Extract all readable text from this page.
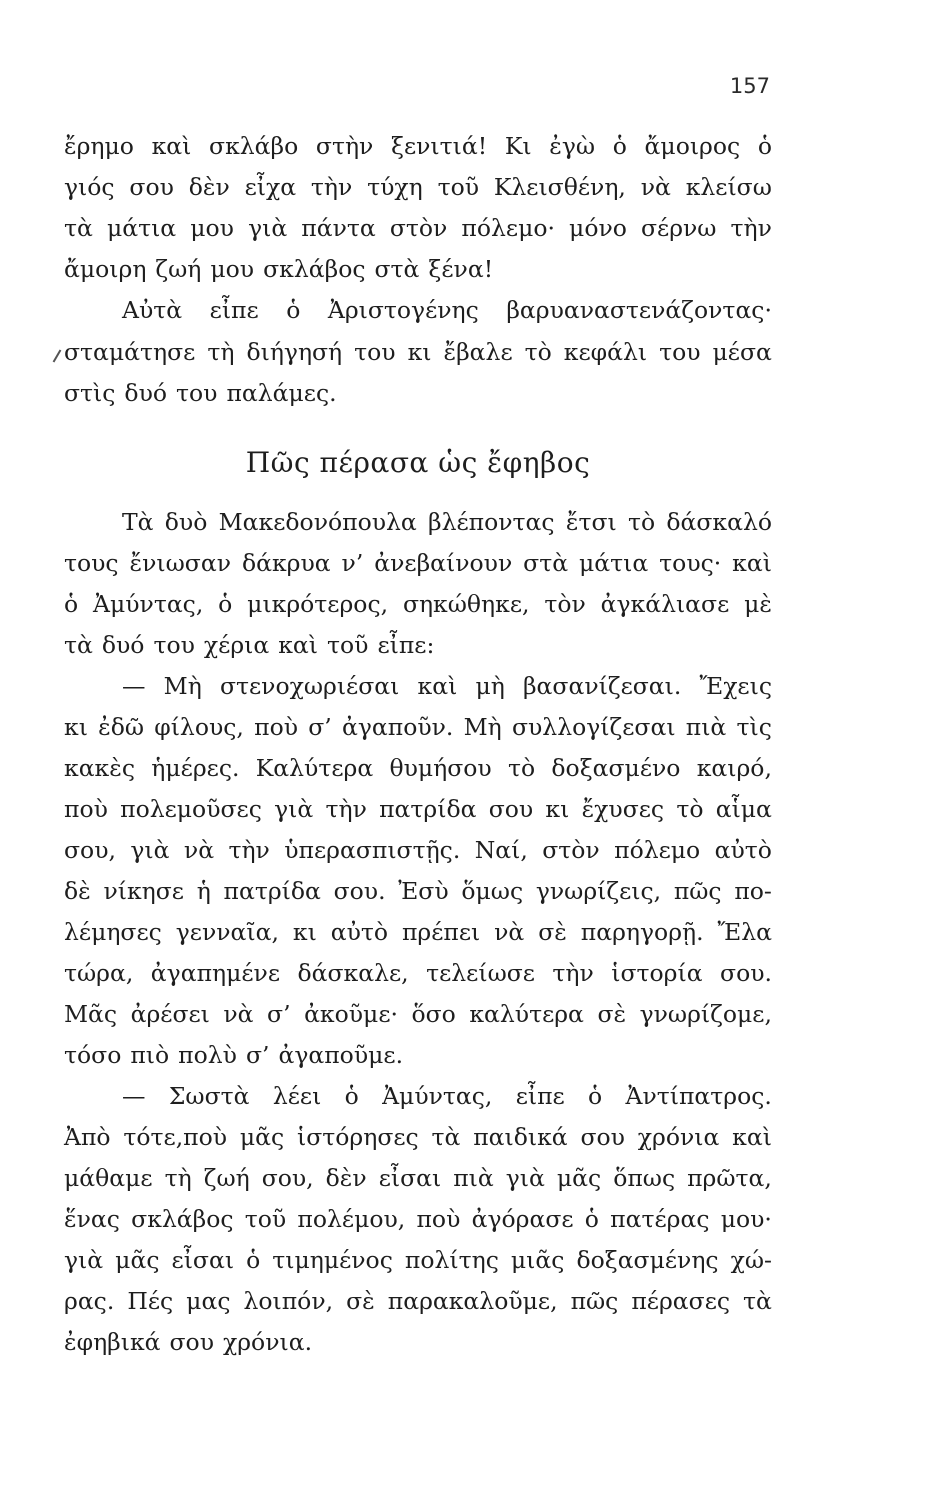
157
Πῶς πέρασα ὡς ἔφηβος
ἔρημο καὶ σκλάβο στὴν ξενιτιά! Κι ἐγὼ ὁ ἄμοιρος ὁ
γιός σου δὲν εἶχα τὴν τύχη τοῦ Κλεισθένη, νὰ κλείσω
τὰ μάτια μου γιὰ πάντα στὸν πόλεμο· μόνο σέρνω τὴν
ἄμοιρη ζωή μου σκλάβος στὰ ξένα!
Αὐτὰ εἶπε ὁ Ἀριστογένης βαρυαναστενάζοντας·
σταμάτησε τὴ διήγησή του κι ἔβαλε τὸ κεφάλι του μέσα
στὶς δυό του παλάμες.
Τὰ δυὸ Μακεδονόπουλα βλέποντας ἔτσι τὸ δάσκαλό
τους ἔνιωσαν δάκρυα ν’ ἀνεβαίνουν στὰ μάτια τους· καὶ
ὁ Ἀμύντας, ὁ μικρότερος, σηκώθηκε, τὸν ἀγκάλιασε μὲ
τὰ δυό του χέρια καὶ τοῦ εἶπε:
— Μὴ στενοχωριέσαι καὶ μὴ βασανίζεσαι. Ἔχεις
κι ἐδῶ φίλους, ποὺ σ’ ἀγαποῦν. Μὴ συλλογίζεσαι πιὰ τὶς
κακὲς ἡμέρες. Καλύτερα θυμήσου τὸ δοξασμένο καιρό,
ποὺ πολεμοῦσες γιὰ τὴν πατρίδα σου κι ἔχυσες τὸ αἷμα
σου, γιὰ νὰ τὴν ὑπερασπιστῇς. Ναί, στὸν πόλεμο αὐτὸ
δὲ νίκησε ἡ πατρίδα σου. Ἐσὺ ὅμως γνωρίζεις, πῶς πο-
λέμησες γενναῖα, κι αὐτὸ πρέπει νὰ σὲ παρηγορῇ. Ἔλα
τώρα, ἀγαπημένε δάσκαλε, τελείωσε τὴν ἱστορία σου.
Μᾶς ἀρέσει νὰ σ’ ἀκοῦμε· ὅσο καλύτερα σὲ γνωρίζομε,
τόσο πιὸ πολὺ σ’ ἀγαποῦμε.
— Σωστὰ λέει ὁ Ἀμύντας, εἶπε ὁ Ἀντίπατρος.
Ἀπὸ τότε,ποὺ μᾶς ἱστόρησες τὰ παιδικά σου χρόνια καὶ
μάθαμε τὴ ζωή σου, δὲν εἶσαι πιὰ γιὰ μᾶς ὅπως πρῶτα,
ἕνας σκλάβος τοῦ πολέμου, ποὺ ἀγόρασε ὁ πατέρας μου·
γιὰ μᾶς εἶσαι ὁ τιμημένος πολίτης μιᾶς δοξασμένης χώ-
ρας. Πές μας λοιπόν, σὲ παρακαλοῦμε, πῶς πέρασες τὰ
ἐφηβικά σου χρόνια.
